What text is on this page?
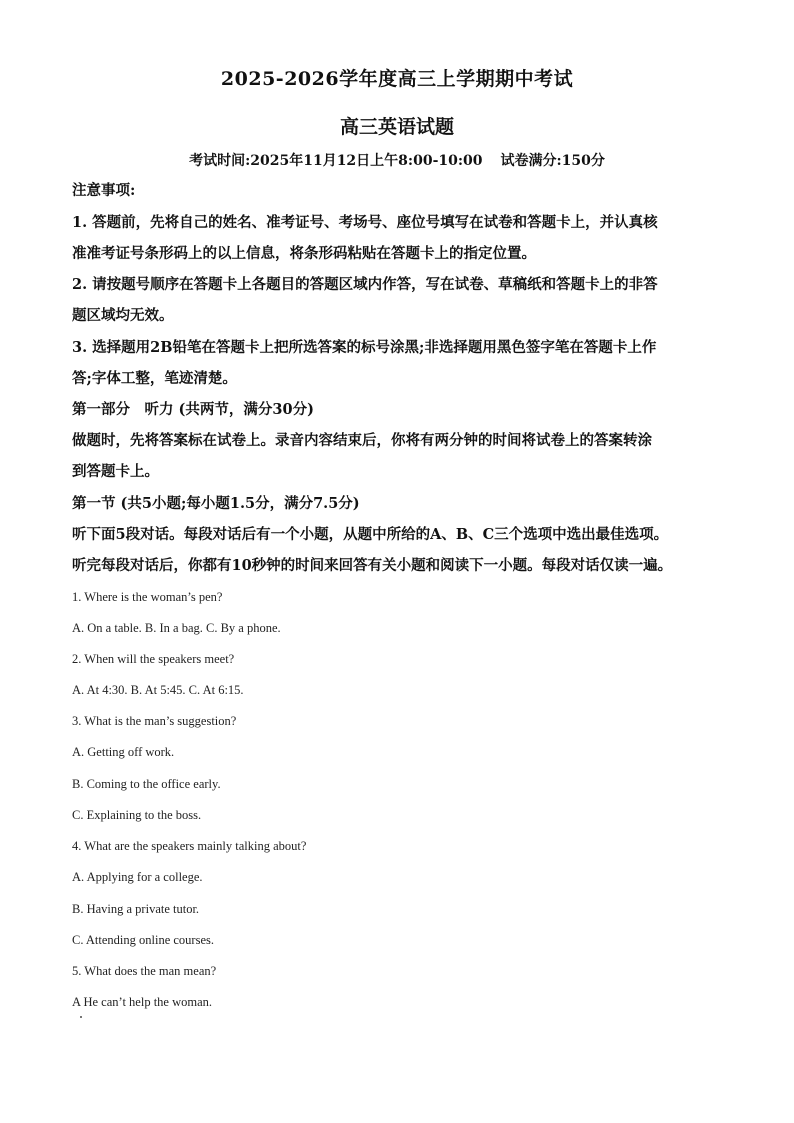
2025-2026学年度高三上学期期中考试
高三英语试题
考试时间:2025年11月12日上午8:00-10:00 试卷满分:150分
注意事项:
1. 答题前，先将自己的姓名、准考证号、考场号、座位号填写在试卷和答题卡上，并认真核
准准考证号条形码上的以上信息，将条形码粘贴在答题卡上的指定位置。
2. 请按题号顺序在答题卡上各题目的答题区域内作答，写在试卷、草稿纸和答题卡上的非答
题区域均无效。
3. 选择题用2B铅笔在答题卡上把所选答案的标号涂黑;非选择题用黑色签字笔在答题卡上作
答;字体工整，笔迹清楚。
第一部分　听力 (共两节，满分30分)
做题时，先将答案标在试卷上。录音内容结束后，你将有两分钟的时间将试卷上的答案转涂
到答题卡上。
第一节 (共5小题;每小题1.5分，满分7.5分)
听下面5段对话。每段对话后有一个小题，从题中所给的A、B、C三个选项中选出最佳选项。
听完每段对话后，你都有10秒钟的时间来回答有关小题和阅读下一小题。每段对话仅读一遍。
1. Where is the woman’s pen?
A. On a table. B. In a bag. C. By a phone.
2. When will the speakers meet?
A. At 4:30. B. At 5:45. C. At 6:15.
3. What is the man’s suggestion?
A. Getting off work.
B. Coming to the office early.
C. Explaining to the boss.
4. What are the speakers mainly talking about?
A. Applying for a college.
B. Having a private tutor.
C. Attending online courses.
5. What does the man mean?
A He can’t help the woman.
